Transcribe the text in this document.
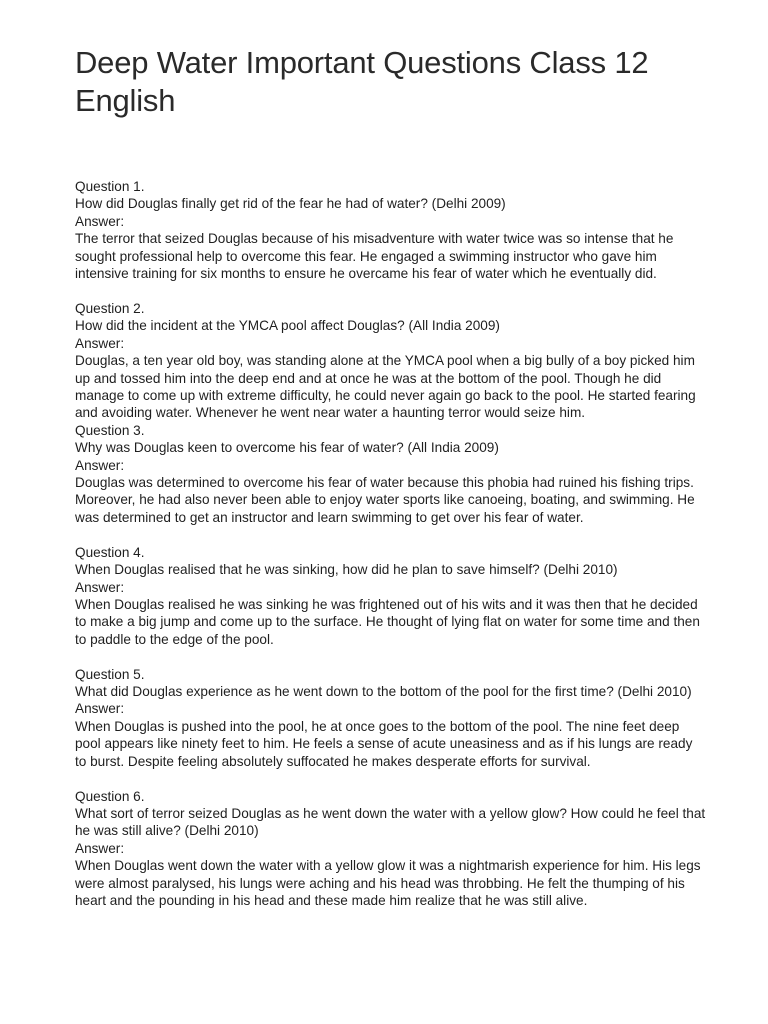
Deep Water Important Questions Class 12 English
Question 1.
How did Douglas finally get rid of the fear he had of water? (Delhi 2009)
Answer:
The terror that seized Douglas because of his misadventure with water twice was so intense that he sought professional help to overcome this fear. He engaged a swimming instructor who gave him intensive training for six months to ensure he overcame his fear of water which he eventually did.
Question 2.
How did the incident at the YMCA pool affect Douglas? (All India 2009)
Answer:
Douglas, a ten year old boy, was standing alone at the YMCA pool when a big bully of a boy picked him up and tossed him into the deep end and at once he was at the bottom of the pool. Though he did manage to come up with extreme difficulty, he could never again go back to the pool. He started fearing and avoiding water. Whenever he went near water a haunting terror would seize him.
Question 3.
Why was Douglas keen to overcome his fear of water? (All India 2009)
Answer:
Douglas was determined to overcome his fear of water because this phobia had ruined his fishing trips. Moreover, he had also never been able to enjoy water sports like canoeing, boating, and swimming. He was determined to get an instructor and learn swimming to get over his fear of water.
Question 4.
When Douglas realised that he was sinking, how did he plan to save himself? (Delhi 2010)
Answer:
When Douglas realised he was sinking he was frightened out of his wits and it was then that he decided to make a big jump and come up to the surface. He thought of lying flat on water for some time and then to paddle to the edge of the pool.
Question 5.
What did Douglas experience as he went down to the bottom of the pool for the first time? (Delhi 2010)
Answer:
When Douglas is pushed into the pool, he at once goes to the bottom of the pool. The nine feet deep pool appears like ninety feet to him. He feels a sense of acute uneasiness and as if his lungs are ready to burst. Despite feeling absolutely suffocated he makes desperate efforts for survival.
Question 6.
What sort of terror seized Douglas as he went down the water with a yellow glow? How could he feel that he was still alive? (Delhi 2010)
Answer:
When Douglas went down the water with a yellow glow it was a nightmarish experience for him. His legs were almost paralysed, his lungs were aching and his head was throbbing. He felt the thumping of his heart and the pounding in his head and these made him realize that he was still alive.
